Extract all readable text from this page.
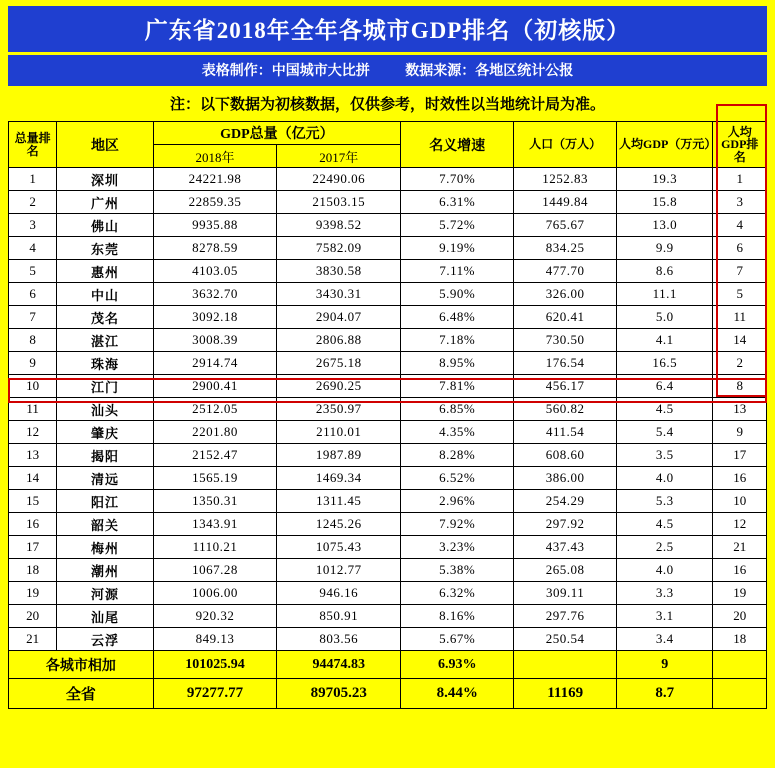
广东省2018年全年各城市GDP排名（初核版）
表格制作：中国城市大比拼	数据来源：各地区统计公报
注：以下数据为初核数据，仅供参考，时效性以当地统计局为准。
总量排名	地区	GDP总量（亿元）		名义增速	人口（万人）	人均GDP（万元）	人均GDP排名
		2018年	2017年				
1	深圳	24221.98	22490.06	7.70%	1252.83	19.3	1
2	广州	22859.35	21503.15	6.31%	1449.84	15.8	3
3	佛山	9935.88	9398.52	5.72%	765.67	13.0	4
4	东莞	8278.59	7582.09	9.19%	834.25	9.9	6
5	惠州	4103.05	3830.58	7.11%	477.70	8.6	7
6	中山	3632.70	3430.31	5.90%	326.00	11.1	5
7	茂名	3092.18	2904.07	6.48%	620.41	5.0	11
8	湛江	3008.39	2806.88	7.18%	730.50	4.1	14
9	珠海	2914.74	2675.18	8.95%	176.54	16.5	2
10	江门	2900.41	2690.25	7.81%	456.17	6.4	8
11	汕头	2512.05	2350.97	6.85%	560.82	4.5	13
12	肇庆	2201.80	2110.01	4.35%	411.54	5.4	9
13	揭阳	2152.47	1987.89	8.28%	608.60	3.5	17
14	清远	1565.19	1469.34	6.52%	386.00	4.0	16
15	阳江	1350.31	1311.45	2.96%	254.29	5.3	10
16	韶关	1343.91	1245.26	7.92%	297.92	4.5	12
17	梅州	1110.21	1075.43	3.23%	437.43	2.5	21
18	潮州	1067.28	1012.77	5.38%	265.08	4.0	16
19	河源	1006.00	946.16	6.32%	309.11	3.3	19
20	汕尾	920.32	850.91	8.16%	297.76	3.1	20
21	云浮	849.13	803.56	5.67%	250.54	3.4	18
各城市相加		101025.94	94474.83	6.93%		9	
全省		97277.77	89705.23	8.44%	11169	8.7	
